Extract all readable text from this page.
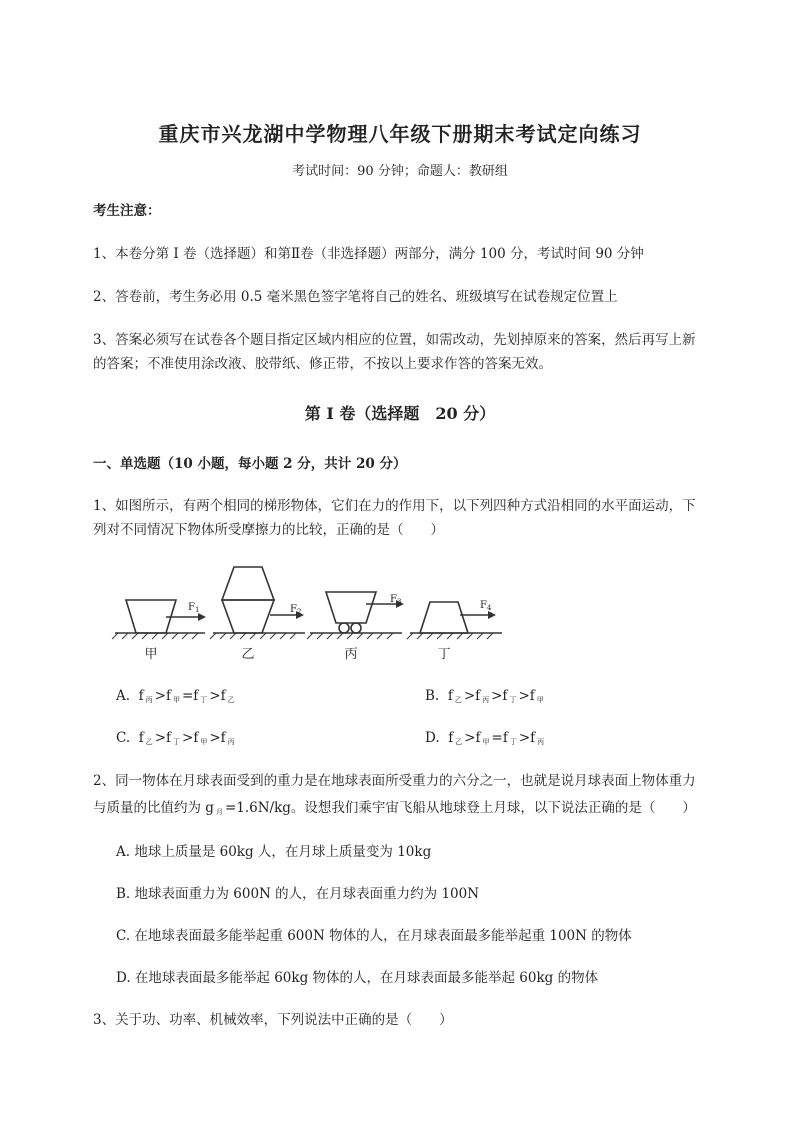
重庆市兴龙湖中学物理八年级下册期末考试定向练习
考试时间：90 分钟；命题人：教研组
考生注意：
1、本卷分第 I 卷（选择题）和第Ⅱ卷（非选择题）两部分，满分 100 分，考试时间 90 分钟
2、答卷前，考生务必用 0.5 毫米黑色签字笔将自己的姓名、班级填写在试卷规定位置上
3、答案必须写在试卷各个题目指定区域内相应的位置，如需改动，先划掉原来的答案，然后再写上新
的答案；不准使用涂改液、胶带纸、修正带，不按以上要求作答的答案无效。
第 I 卷（选择题　20 分）
一、单选题（10 小题，每小题 2 分，共计 20 分）
1、如图所示，有两个相同的梯形物体，它们在力的作用下，以下列四种方式沿相同的水平面运动，下
列对不同情况下物体所受摩擦力的比较，正确的是（　　）
$F_1$	$F_2$
$F_3$	$F_4$
甲	乙	丙	丁
A. f $_丙$ >f $_甲$ =f $_丁$ >f $_乙$	B. f $_乙$ >f $_丙$ >f $_丁$ >f $_甲$
C. f $_乙$ >f $_丁$ >f $_甲$ >f $_丙$	D. f $_乙$ >f $_甲$ =f $_丁$ >f $_丙$
2、同一物体在月球表面受到的重力是在地球表面所受重力的六分之一，也就是说月球表面上物体重力
与质量的比值约为 g $_月$ =1.6N/kg。设想我们乘宇宙飞船从地球登上月球，以下说法正确的是（　　）
A. 地球上质量是 60kg 人，在月球上质量变为 10kg
B. 地球表面重力为 600N 的人，在月球表面重力约为 100N
C. 在地球表面最多能举起重 600N 物体的人，在月球表面最多能举起重 100N 的物体
D. 在地球表面最多能举起 60kg 物体的人，在月球表面最多能举起 60kg 的物体
3、关于功、功率、机械效率，下列说法中正确的是（　　）
